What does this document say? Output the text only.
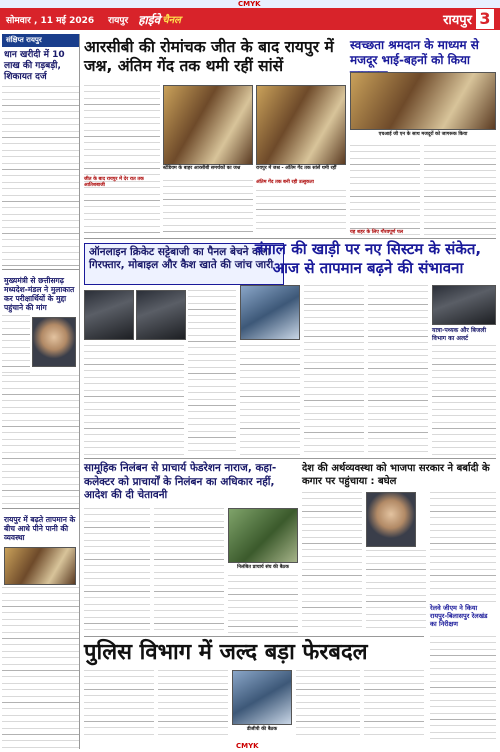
CMYK
सोमवार , 11 मई 2026	रायपुर हाईवे चैनल	रायपुर 3
संक्षिप्त रायपुर
धान खरीदी में 10 लाख की गड़बड़ी, शिकायत दर्ज
मुख्यमंत्री से छत्तीसगढ़ मध्यदेश-मंडल ने मुलाकात कर परीक्षार्थियों के मुद्दा पहुंचाने की मांग
रायपुर में बढ़ते तापमान के बीच आधे पीने पानी की व्यवस्था
आरसीबी की रोमांचक जीत के बाद रायपुर में जश्न, अंतिम गेंद तक थमी रहीं सांसें
जीत के बाद रायपुर में देर रात तक आतिशबाजी
स्टेडियम के बाहर आरसीबी समर्थकों का जश्न	रायपुर में जश्न - अंतिम गेंद तक सांसें थमी रहीं
अंतिम गेंद तक बनी रही उत्सुकता
स्वच्छता श्रमदान के माध्यम से मजदूर भाई-बहनों को किया
एचआई जी एन के साथ मजदूरों को जागरूक किया
यह शहर के लिए गौरवपूर्ण पल
ऑनलाइन क्रिकेट सट्टेबाजी का पैनल बेचने वाला गिरफ्तार, मोबाइल और कैश खाते की जांच जारी
बंगाल की खाड़ी पर नए सिस्टम के संकेत, आज से तापमान बढ़ने की संभावना
यात्रा-पथ्यक और बिजली विभाग का अलर्ट
सामूहिक निलंबन से प्राचार्य फेडरेशन नाराज, कहा- कलेक्टर को प्राचार्यों के निलंबन का अधिकार नहीं, आदेश की दी चेतावनी
निलंबित प्राचार्य संघ की बैठक
देश की अर्थव्यवस्था को भाजपा सरकार ने बर्बादी के कगार पर पहुंचाया : बघेल
रेलवे जीएम ने किया रायपुर-बिलासपुर रेलखंड का निरीक्षण
पुलिस विभाग में जल्द बड़ा फेरबदल
डीजीपी की बैठक
CMYK
